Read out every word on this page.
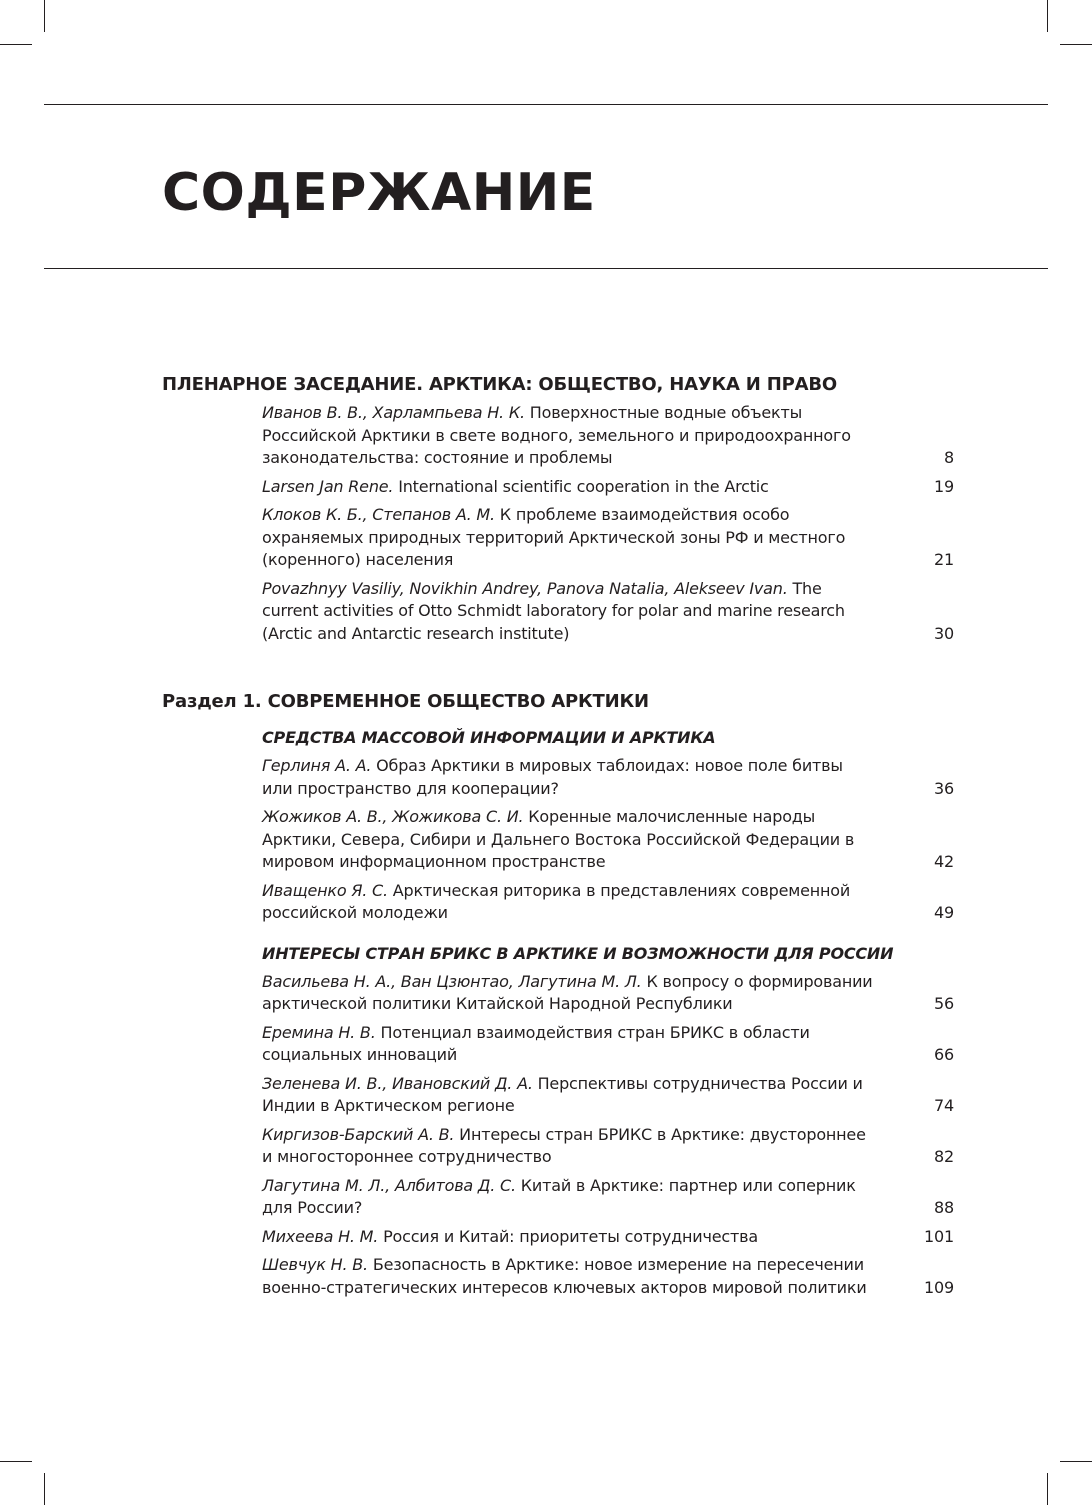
СОДЕРЖАНИЕ
ПЛЕНАРНОЕ ЗАСЕДАНИЕ. АРКТИКА: ОБЩЕСТВО, НАУКА И ПРАВО
Иванов В. В., Харлампьева Н. К. Поверхностные водные объекты Российской Арктики в свете водного, земельного и природоохранного законодательства: состояние и проблемы	8
Larsen Jan Rene. International scientific cooperation in the Arctic	19
Клоков К. Б., Степанов А. М. К проблеме взаимодействия особо охраняемых природных территорий Арктической зоны РФ и местного (коренного) населения	21
Povazhnyy Vasiliy, Novikhin Andrey, Panova Natalia, Alekseev Ivan. The current activities of Otto Schmidt laboratory for polar and marine research (Arctic and Antarctic research institute)	30
Раздел 1. СОВРЕМЕННОЕ ОБЩЕСТВО АРКТИКИ
СРЕДСТВА МАССОВОЙ ИНФОРМАЦИИ И АРКТИКА
Герлиня А. А. Образ Арктики в мировых таблоидах: новое поле битвы или пространство для кооперации?	36
Жожиков А. В., Жожикова С. И. Коренные малочисленные народы Арктики, Севера, Сибири и Дальнего Востока Российской Федерации в мировом информационном пространстве	42
Иващенко Я. С. Арктическая риторика в представлениях современной российской молодежи	49
ИНТЕРЕСЫ СТРАН БРИКС В АРКТИКЕ И ВОЗМОЖНОСТИ ДЛЯ РОССИИ
Васильева Н. А., Ван Цзюнтао, Лагутина М. Л. К вопросу о формировании арктической политики Китайской Народной Республики	56
Еремина Н. В. Потенциал взаимодействия стран БРИКС в области социальных инноваций	66
Зеленева И. В., Ивановский Д. А. Перспективы сотрудничества России и Индии в Арктическом регионе	74
Киргизов-Барский А. В. Интересы стран БРИКС в Арктике: двустороннее и многостороннее сотрудничество	82
Лагутина М. Л., Албитова Д. С. Китай в Арктике: партнер или соперник для России?	88
Михеева Н. М. Россия и Китай: приоритеты сотрудничества	101
Шевчук Н. В. Безопасность в Арктике: новое измерение на пересечении военно-стратегических интересов ключевых акторов мировой политики	109
